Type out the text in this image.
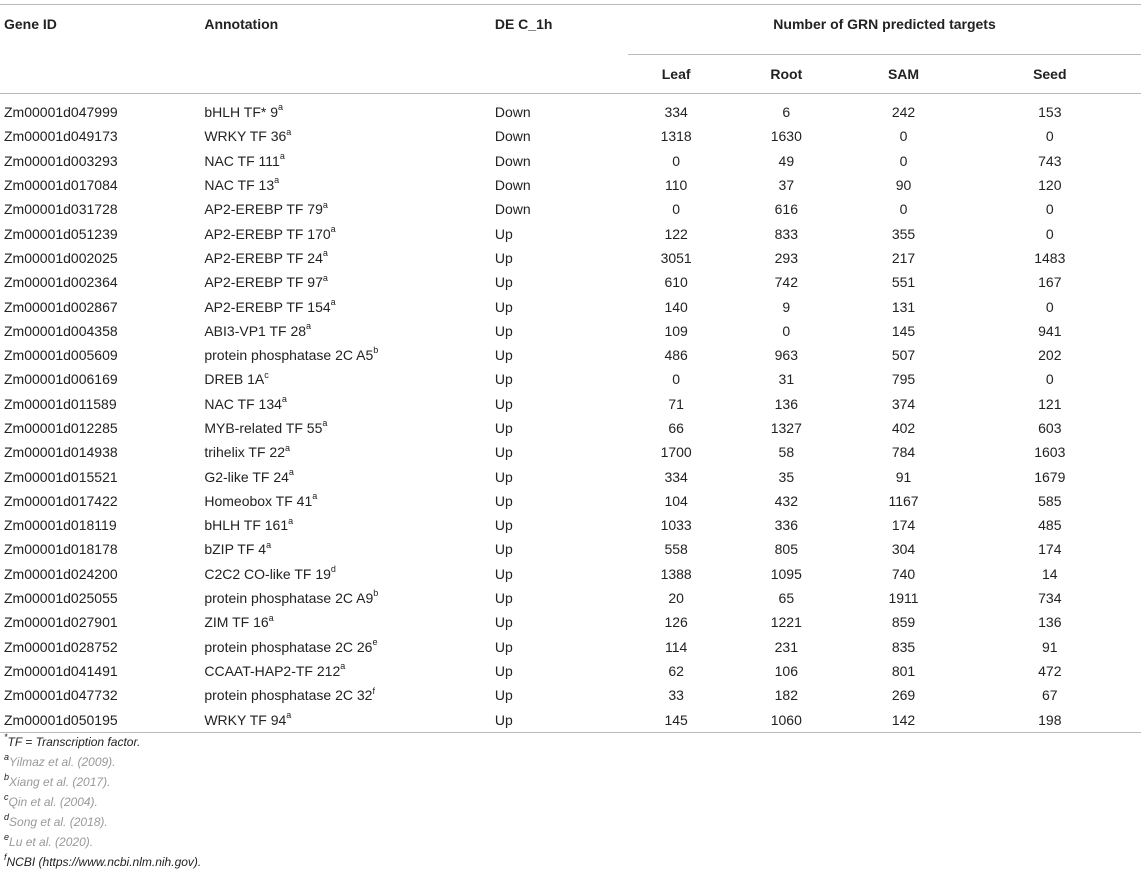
Gene ID	Annotation	DE C_1h	Number of GRN predicted targets			
			Leaf	Root	SAM	Seed

Zm00001d047999	bHLH TF* 9$^a$	Down	334	6	242	153
Zm00001d049173	WRKY TF 36$^a$	Down	1318	1630	0	0
Zm00001d003293	NAC TF 111$^a$	Down	0	49	0	743
Zm00001d017084	NAC TF 13$^a$	Down	110	37	90	120
Zm00001d031728	AP2-EREBP TF 79$^a$	Down	0	616	0	0
Zm00001d051239	AP2-EREBP TF 170$^a$	Up	122	833	355	0
Zm00001d002025	AP2-EREBP TF 24$^a$	Up	3051	293	217	1483
Zm00001d002364	AP2-EREBP TF 97$^a$	Up	610	742	551	167
Zm00001d002867	AP2-EREBP TF 154$^a$	Up	140	9	131	0
Zm00001d004358	ABI3-VP1 TF 28$^a$	Up	109	0	145	941
Zm00001d005609	protein phosphatase 2C A5$^b$	Up	486	963	507	202
Zm00001d006169	DREB $1A^c$	Up	0	31	795	0
Zm00001d011589	NAC TF 134$^a$	Up	71	136	374	121
Zm00001d012285	MYB-related TF 55$^a$	Up	66	1327	402	603
Zm00001d014938	trihelix TF 22$^a$	Up	1700	58	784	1603
Zm00001d015521	G2-like TF 24$^a$	Up	334	35	91	1679
Zm00001d017422	Homeobox TF 41$^a$	Up	104	432	1167	585
Zm00001d018119	bHLH TF 161$^a$	Up	1033	336	174	485
Zm00001d018178	bZIP TF 4$^a$	Up	558	805	304	174
Zm00001d024200	C2C2 CO-like TF 19$^d$	Up	1388	1095	740	14
Zm00001d025055	protein phosphatase 2C A9$^b$	Up	20	65	1911	734
Zm00001d027901	ZIM TF 16$^a$	Up	126	1221	859	136
Zm00001d028752	protein phosphatase 2C 26e	Up	114	231	835	91
Zm00001d041491	CCAAT-HAP2-TF 212$^a$	Up	62	106	801	472
Zm00001d047732	protein phosphatase 2C 32$^f$	Up	33	182	269	67
Zm00001d050195	WRKY TF 94$^a$	Up	145	1060	142	198

*TF = Transcription factor.
$^a$Yilmaz et al. (2009).
$^b$Xiang et al. (2017).
$^c$Qin et al. (2004).
$^d$Song et al. (2018).
$^e$Lu et al. (2020).
$^f$NCBI (https://www.ncbi.nlm.nih.gov).
